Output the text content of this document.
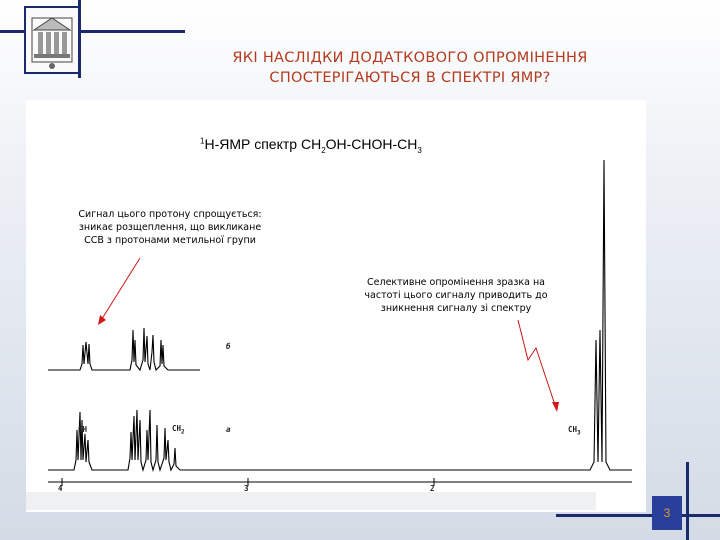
ЯКІ НАСЛІДКИ ДОДАТКОВОГО ОПРОМІНЕННЯ
СПОСТЕРІГАЮТЬСЯ В СПЕКТРІ ЯМР?
$^1$Н-ЯМР спектр $СН_2ОН-СНОН-СН_3$
Сигнал цього протону спрощується:
зникає розщеплення, що викликане
ССВ з протонами метильної групи
Селективне опромінення зразка на
частоті цього сигналу приводить до
зникнення сигналу зі спектру
CH	$CH_2$	$CH_3$
б
а
4	3	2
3
